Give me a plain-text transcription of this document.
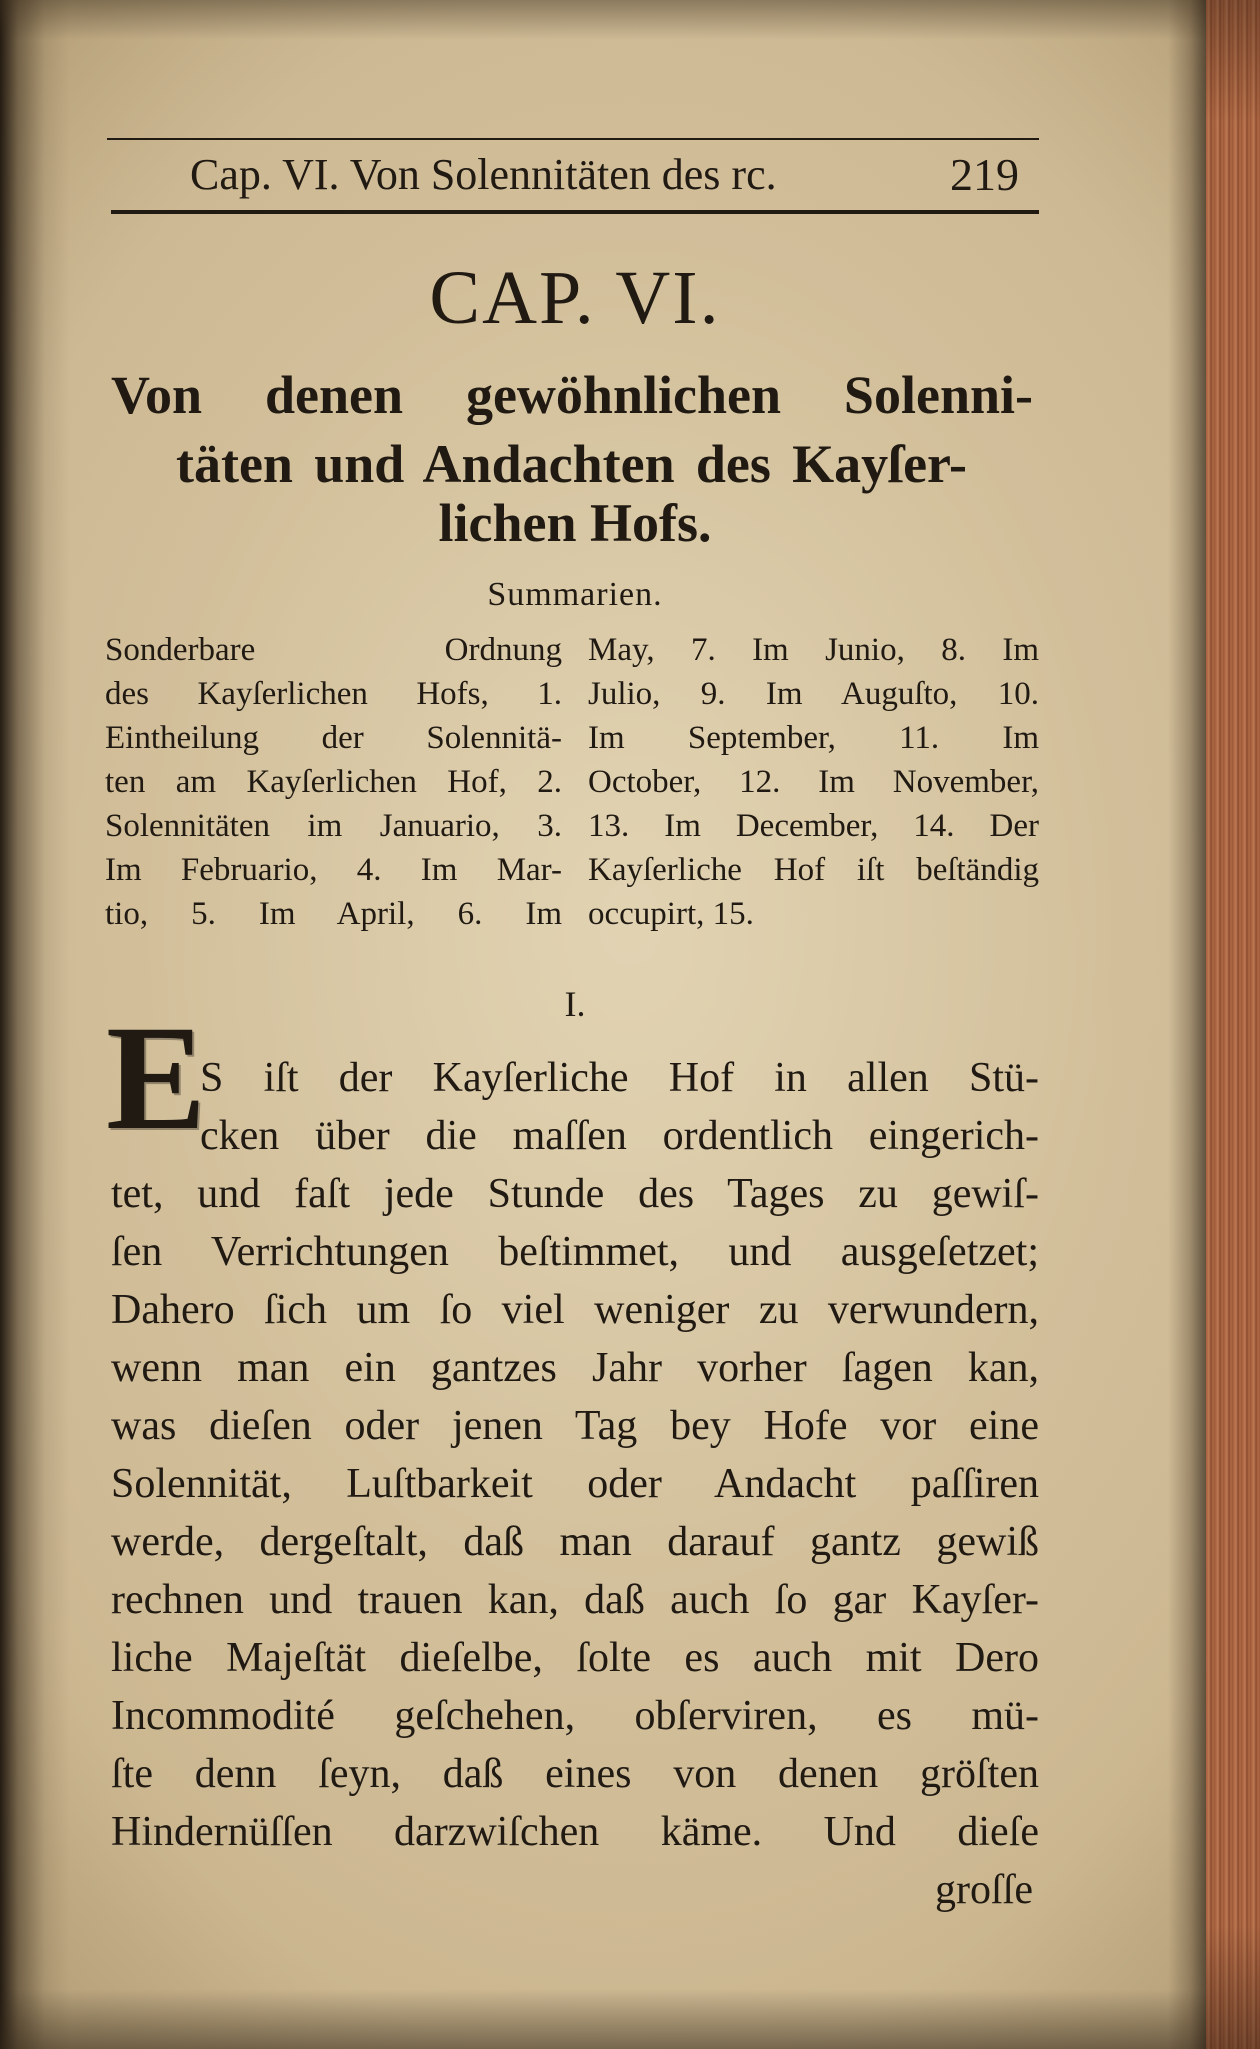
Cap. VI. Von Solennitäten des rc.	219
CAP. VI.
Von denen gewöhnlichen Solenni-
täten und Andachten des Kayſer-
lichen Hofs.
Summarien.
Sonderbare Ordnung
des Kayſerlichen Hofs, 1.
Eintheilung der Solennitä-
ten am Kayſerlichen Hof, 2.
Solennitäten im Januario, 3.
Im Februario, 4. Im Mar-
tio, 5. Im April, 6. Im
May, 7. Im Junio, 8. Im
Julio, 9. Im Auguſto, 10.
Im September, 11. Im
October, 12. Im November,
13. Im December, 14. Der
Kayſerliche Hof iſt beſtändig
occupirt, 15.
I.
E
S iſt der Kayſerliche Hof in allen Stü-
cken über die maſſen ordentlich eingerich-
tet, und faſt jede Stunde des Tages zu gewiſ-
ſen Verrichtungen beſtimmet, und ausgeſetzet;
Dahero ſich um ſo viel weniger zu verwundern,
wenn man ein gantzes Jahr vorher ſagen kan,
was dieſen oder jenen Tag bey Hofe vor eine
Solennität, Luſtbarkeit oder Andacht paſſiren
werde, dergeſtalt, daß man darauf gantz gewiß
rechnen und trauen kan, daß auch ſo gar Kayſer-
liche Majeſtät dieſelbe, ſolte es auch mit Dero
Incommodité geſchehen, obſerviren, es mü-
ſte denn ſeyn, daß eines von denen gröſten
Hindernüſſen darzwiſchen käme. Und dieſe
groſſe
